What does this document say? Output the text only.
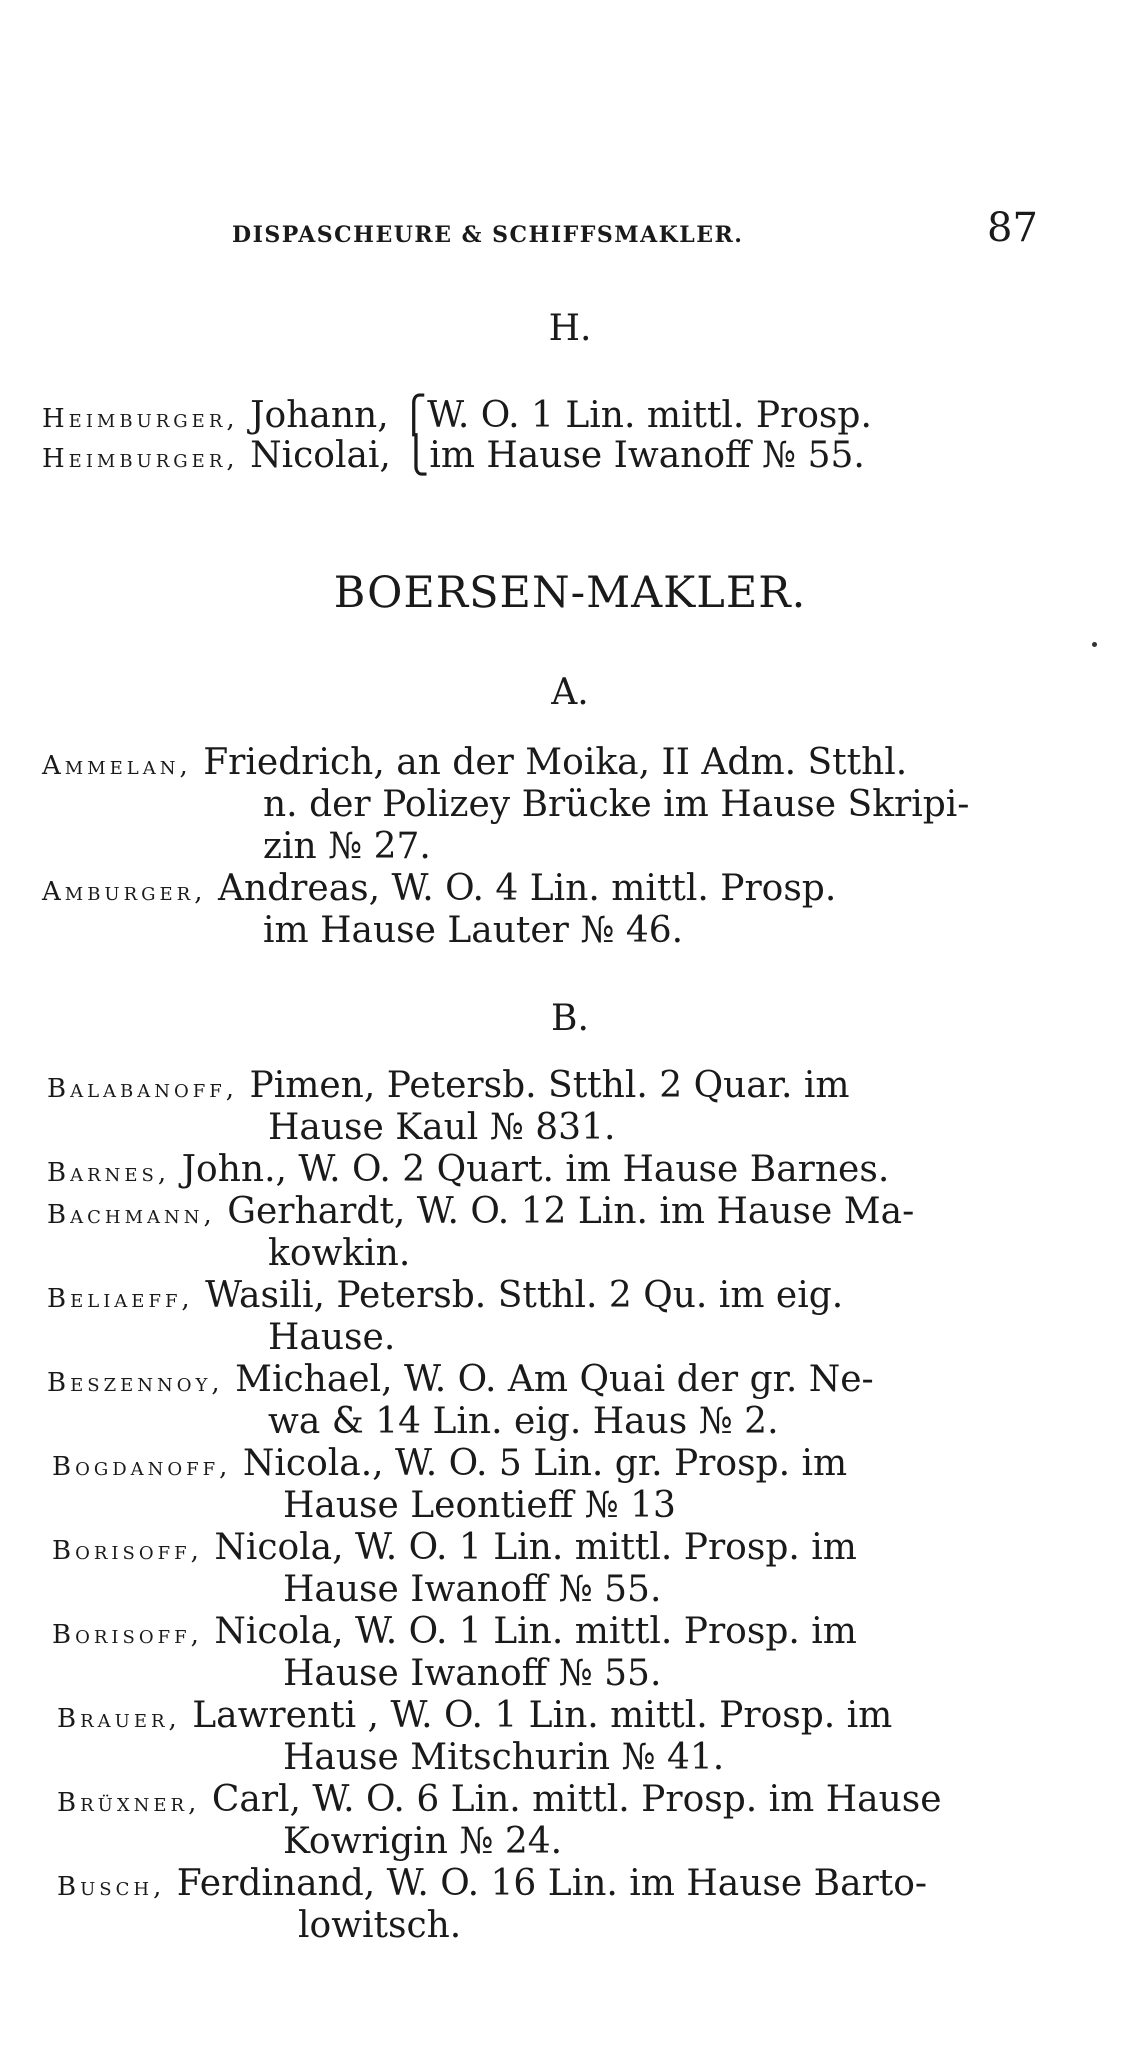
DISPASCHEURE & SCHIFFSMAKLER.	87
H.
Heimburger, Johann, ⎧W. O. 1 Lin. mittl. Prosp.
Heimburger, Nicolai, ⎩im Hause Iwanoff № 55.
BOERSEN-MAKLER.
A.
Ammelan, Friedrich, an der Moika, II Adm. Stthl.
n. der Polizey Brücke im Hause Skripi-
zin № 27.
Amburger, Andreas, W. O. 4 Lin. mittl. Prosp.
im Hause Lauter № 46.
B.
Balabanoff, Pimen, Petersb. Stthl. 2 Quar. im
Hause Kaul № 831.
Barnes, John., W. O. 2 Quart. im Hause Barnes.
Bachmann, Gerhardt, W. O. 12 Lin. im Hause Ma-
kowkin.
Beliaeff, Wasili, Petersb. Stthl. 2 Qu. im eig.
Hause.
Beszennoy, Michael, W. O. Am Quai der gr. Ne-
wa & 14 Lin. eig. Haus № 2.
Bogdanoff, Nicola., W. O. 5 Lin. gr. Prosp. im
Hause Leontieff № 13
Borisoff, Nicola, W. O. 1 Lin. mittl. Prosp. im
Hause Iwanoff № 55.
Borisoff, Nicola, W. O. 1 Lin. mittl. Prosp. im
Hause Iwanoff № 55.
Brauer, Lawrenti , W. O. 1 Lin. mittl. Prosp. im
Hause Mitschurin № 41.
Brüxner, Carl, W. O. 6 Lin. mittl. Prosp. im Hause
Kowrigin № 24.
Busch, Ferdinand, W. O. 16 Lin. im Hause Barto-
lowitsch.
